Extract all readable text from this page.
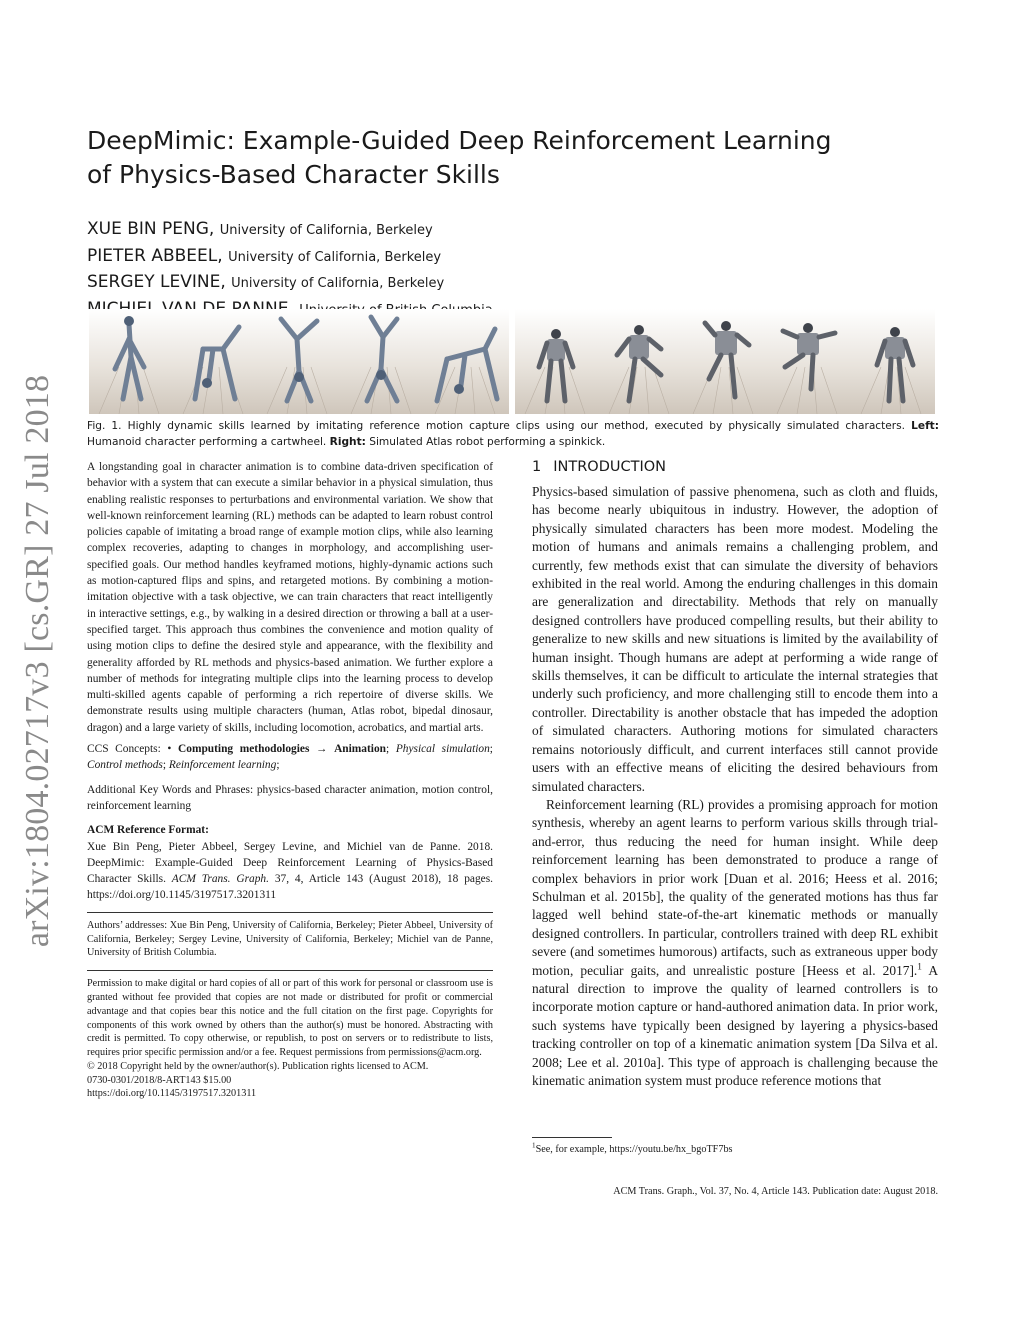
arXiv:1804.02717v3 [cs.GR] 27 Jul 2018
DeepMimic: Example-Guided Deep Reinforcement Learning
of Physics-Based Character Skills
XUE BIN PENG, University of California, Berkeley
PIETER ABBEEL, University of California, Berkeley
SERGEY LEVINE, University of California, Berkeley
Fig. 1. Highly dynamic skills learned by imitating reference motion capture clips using our method, executed by physically simulated characters. Left: Humanoid character performing a cartwheel. Right: Simulated Atlas robot performing a spinkick.

A longstanding goal in character animation is to combine data-driven specification of behavior with a system that can execute a similar behavior in a physical simulation, thus enabling realistic responses to perturbations and environmental variation. We show that well-known reinforcement learning (RL) methods can be adapted to learn robust control policies capable of imitating a broad range of example motion clips, while also learning complex recoveries, adapting to changes in morphology, and accomplishing user-specified goals. Our method handles keyframed motions, highly-dynamic actions such as motion-captured flips and spins, and retargeted motions. By combining a motion-imitation objective with a task objective, we can train characters that react intelligently in interactive settings, e.g., by walking in a desired direction or throwing a ball at a user-specified target. This approach thus combines the convenience and motion quality of using motion clips to define the desired style and appearance, with the flexibility and generality afforded by RL methods and physics-based animation. We further explore a number of methods for integrating multiple clips into the learning process to develop multi-skilled agents capable of performing a rich repertoire of diverse skills. We demonstrate results using multiple characters (human, Atlas robot, bipedal dinosaur, dragon) and a large variety of skills, including locomotion, acrobatics, and martial arts.

CCS Concepts: • Computing methodologies → Animation; Physical simulation; Control methods; Reinforcement learning;

Additional Key Words and Phrases: physics-based character animation, motion control, reinforcement learning

ACM Reference Format:

Xue Bin Peng, Pieter Abbeel, Sergey Levine, and Michiel van de Panne. 2018. DeepMimic: Example-Guided Deep Reinforcement Learning of Physics-Based Character Skills. ACM Trans. Graph. 37, 4, Article 143 (August 2018), 18 pages. https://doi.org/10.1145/3197517.3201311

Authors’ addresses: Xue Bin Peng, University of California, Berkeley; Pieter Abbeel, University of California, Berkeley; Sergey Levine, University of California, Berkeley; Michiel van de Panne, University of British Columbia.

Permission to make digital or hard copies of all or part of this work for personal or classroom use is granted without fee provided that copies are not made or distributed for profit or commercial advantage and that copies bear this notice and the full citation on the first page. Copyrights for components of this work owned by others than the author(s) must be honored. Abstracting with credit is permitted. To copy otherwise, or republish, to post on servers or to redistribute to lists, requires prior specific permission and/or a fee. Request permissions from permissions@acm.org.

© 2018 Copyright held by the owner/author(s). Publication rights licensed to ACM.

0730-0301/2018/8-ART143 $15.00

https://doi.org/10.1145/3197517.3201311

1 INTRODUCTION

Physics-based simulation of passive phenomena, such as cloth and fluids, has become nearly ubiquitous in industry. However, the adoption of physically simulated characters has been more modest. Modeling the motion of humans and animals remains a challenging problem, and currently, few methods exist that can simulate the diversity of behaviors exhibited in the real world. Among the enduring challenges in this domain are generalization and directability. Methods that rely on manually designed controllers have produced compelling results, but their ability to generalize to new skills and new situations is limited by the availability of human insight. Though humans are adept at performing a wide range of skills themselves, it can be difficult to articulate the internal strategies that underly such proficiency, and more challenging still to encode them into a controller. Directability is another obstacle that has impeded the adoption of simulated characters. Authoring motions for simulated characters remains notoriously difficult, and current interfaces still cannot provide users with an effective means of eliciting the desired behaviours from simulated characters.

Reinforcement learning (RL) provides a promising approach for motion synthesis, whereby an agent learns to perform various skills through trial-and-error, thus reducing the need for human insight. While deep reinforcement learning has been demonstrated to produce a range of complex behaviors in prior work [Duan et al. 2016; Heess et al. 2016; Schulman et al. 2015b], the quality of the generated motions has thus far lagged well behind state-of-the-art kinematic methods or manually designed controllers. In particular, controllers trained with deep RL exhibit severe (and sometimes humorous) artifacts, such as extraneous upper body motion, peculiar gaits, and unrealistic posture [Heess et al. 2017].$^1$ A natural direction to improve the quality of learned controllers is to incorporate motion capture or hand-authored animation data. In prior work, such systems have typically been designed by layering a physics-based tracking controller on top of a kinematic animation system [Da Silva et al. 2008; Lee et al. 2010a]. This type of approach is challenging because the kinematic animation system must produce reference motions that

$^1$See, for example, https://youtu.be/hx_bgoTF7bs
ACM Trans. Graph., Vol. 37, No. 4, Article 143. Publication date: August 2018.
